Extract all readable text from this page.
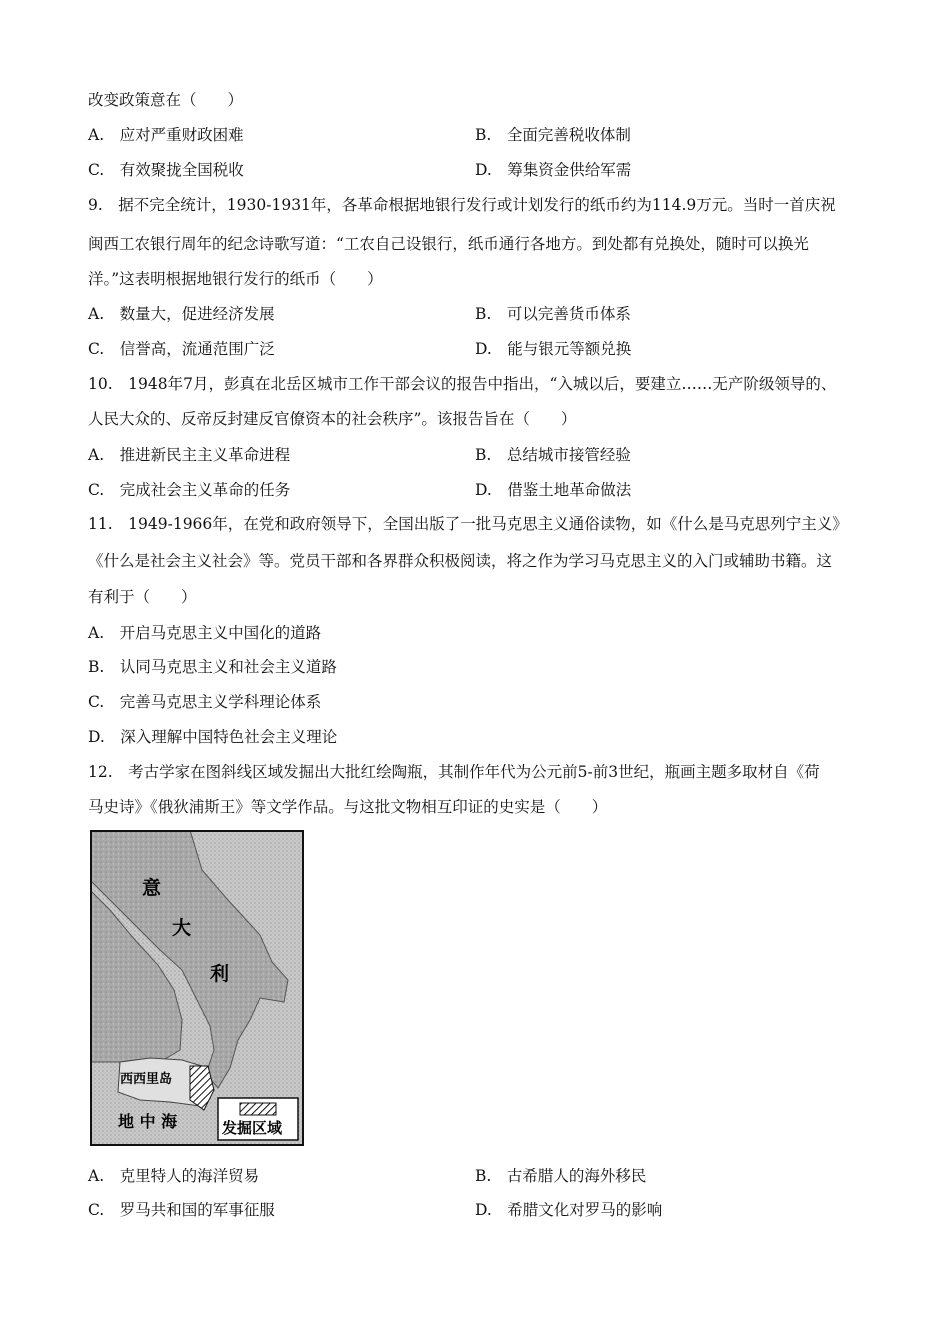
改变政策意在（　　）
A.　应对严重财政困难	B.　全面完善税收体制
C.　有效聚拢全国税收	D.　筹集资金供给军需
9.　据不完全统计，1930-1931年，各革命根据地银行发行或计划发行的纸币约为114.9万元。当时一首庆祝
闽西工农银行周年的纪念诗歌写道：“工农自己设银行，纸币通行各地方。到处都有兑换处，随时可以换光
洋。”这表明根据地银行发行的纸币（　　）
A.　数量大，促进经济发展	B.　可以完善货币体系
C.　信誉高，流通范围广泛	D.　能与银元等额兑换
10.　1948年7月，彭真在北岳区城市工作干部会议的报告中指出，“入城以后，要建立……无产阶级领导的、
人民大众的、反帝反封建反官僚资本的社会秩序”。该报告旨在（　　）
A.　推进新民主主义革命进程	B.　总结城市接管经验
C.　完成社会主义革命的任务	D.　借鉴土地革命做法
11.　1949-1966年，在党和政府领导下，全国出版了一批马克思主义通俗读物，如《什么是马克思列宁主义》
《什么是社会主义社会》等。党员干部和各界群众积极阅读，将之作为学习马克思主义的入门或辅助书籍。这
有利于（　　）
A.　开启马克思主义中国化的道路
B.　认同马克思主义和社会主义道路
C.　完善马克思主义学科理论体系
D.　深入理解中国特色社会主义理论
12.　考古学家在图斜线区域发掘出大批红绘陶瓶，其制作年代为公元前5-前3世纪，瓶画主题多取材自《荷
马史诗》《俄狄浦斯王》等文学作品。与这批文物相互印证的史实是（　　）
意
大
利
西西里岛
地 中 海	发掘区域
A.　克里特人的海洋贸易	B.　古希腊人的海外移民
C.　罗马共和国的军事征服	D.　希腊文化对罗马的影响
